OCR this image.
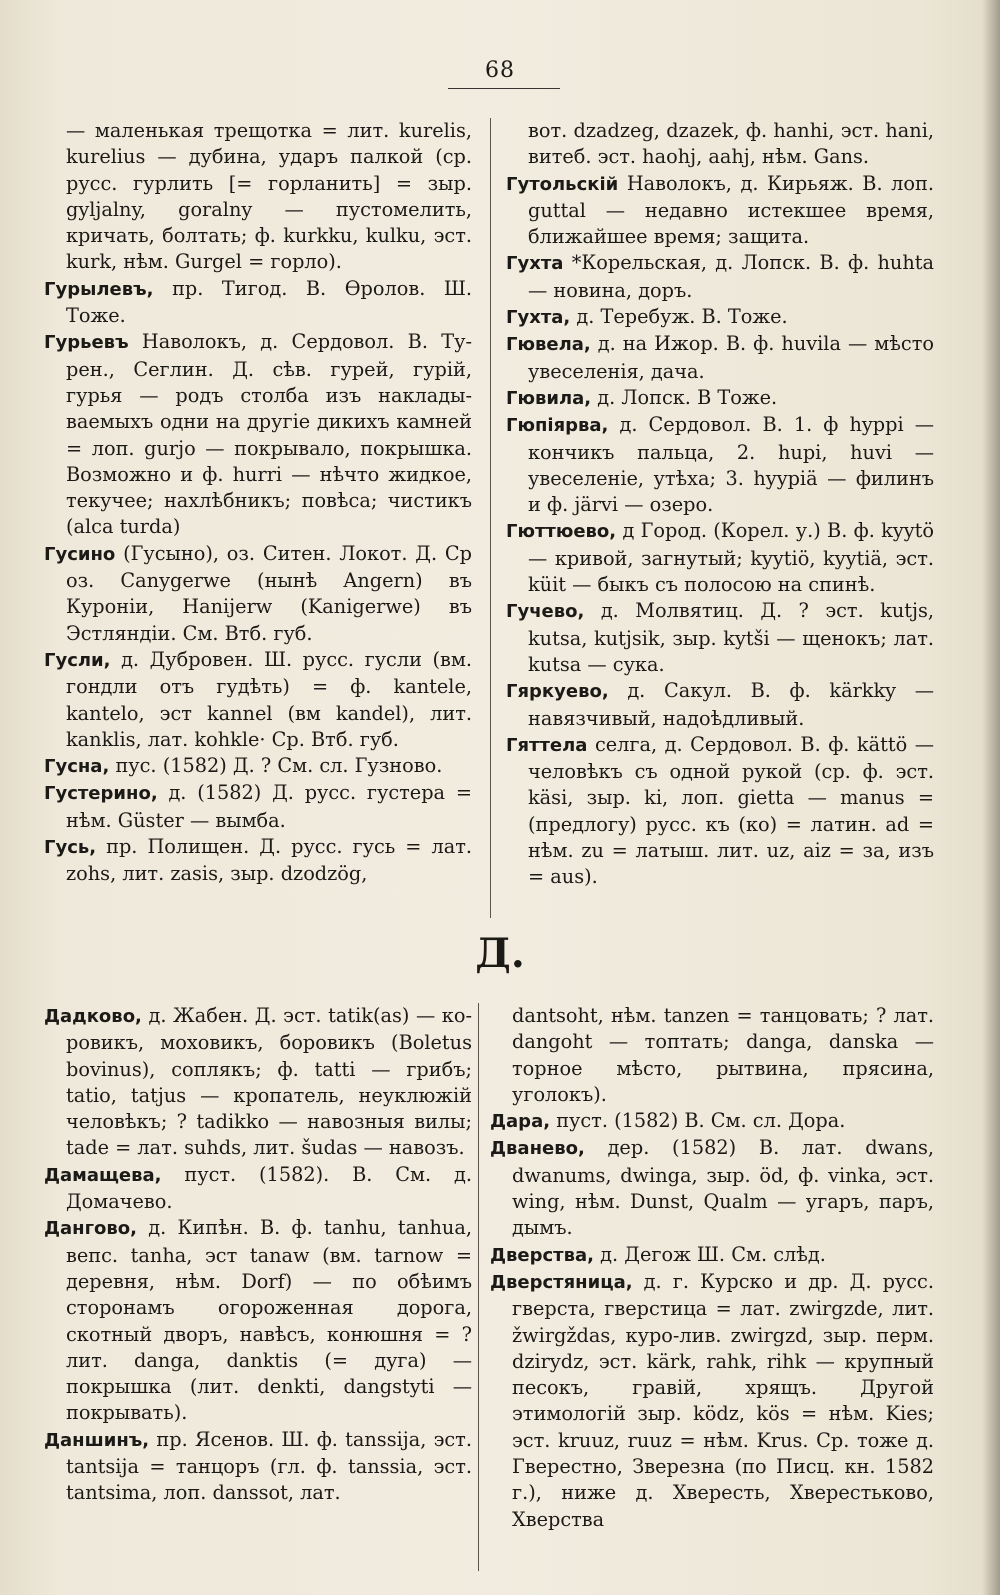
68

— маленькая трещотка = лит. kurelis, kurelius — дубина, ударъ палкой (ср. русс. гурлить [= горланить] = зыр. gyljalny, goralny — пустомелить, кричать, болтать; ф. kurkku, kulku, эст. kurk, нѣм. Gurgel = горло).

Гурылевъ, пр. Тигод. В. Ѳролов. Ш. Тоже.

Гурьевъ Наволокъ, д. Сердовол. В. Турен., Сеглин. Д. сѣв. гурей, гурій, гурья — родъ столба изъ накладываемыхъ одни на другіе дикихъ камней = лоп. gurjo — покрывало, покрышка. Возможно и ф. hurri — нѣчто жидкое, текучее; нахлѣбникъ; повѣса; чистикъ (alca turda)

Гусино (Гусыно), оз. Ситен. Локот. Д. Ср оз. Canygerwe (нынѣ Angern) въ Куроніи, Hanijerw (Kanigerwe) въ Эстляндіи. См. Втб. губ.

Гусли, д. Дубровен. Ш. русс. гусли (вм. гондли отъ гудѣть) = ф. kantele, kantelo, эст kannel (вм kandel), лит. kanklis, лат. kohkle· Ср. Втб. губ.

Гусна, пус. (1582) Д. ? См. сл. Гузново.

Густерино, д. (1582) Д. русс. густера = нѣм. Güster — вымба.

Гусь, пр. Полищен. Д. русс. гусь = лат. zohs, лит. zasis, зыр. dzodzög,

вот. dzadzeg, dzazek, ф. hanhi, эст. hani, витеб. эст. haohj, aahj, нѣм. Gans.

Гутольскій Наволокъ, д. Кирьяж. В. лоп. guttal — недавно истекшее время, ближайшее время; защита.

Гухта *Корельская, д. Лопск. В. ф. huhta — новина, доръ.

Гухта, д. Теребуж. В. Тоже.

Гювела, д. на Ижор. В. ф. huvila — мѣсто увеселенія, дача.

Гювила, д. Лопск. В Тоже.

Гюпіярва, д. Сердовол. В. 1. ф hyppi — кончикъ пальца, 2. hupi, huvi — увеселеніе, утѣха; 3. hyypiä — филинъ и ф. järvi — озеро.

Гюттюево, д Город. (Корел. у.) В. ф. kyytö — кривой, загнутый; kyytiö, kyytiä, эст. küit — быкъ съ полосою на спинѣ.

Гучево, д. Молвятиц. Д. ? эст. kutjs, kutsa, kutjsik, зыр. kytši — щенокъ; лат. kutsa — сука.

Гяркуево, д. Сакул. В. ф. kärkky — навязчивый, надоѣдливый.

Гяттела селга, д. Сердовол. В. ф. kättö — человѣкъ съ одной рукой (ср. ф. эст. käsi, зыр. ki, лоп. gietta — manus = (предлогу) русс. къ (ко) = латин. ad = нѣм. zu = латыш. лит. uz, aiz = за, изъ = aus).

Д.

Дадково, д. Жабен. Д. эст. tatik(as) — коровикъ, моховикъ, боровикъ (Boletus bovinus), соплякъ; ф. tatti — грибъ; tatio, tatjus — кропатель, неуклюжій человѣкъ; ? tadikko — навозныя вилы; tade = лат. suhds, лит. šudas — навозъ.

Дамащева, пуст. (1582). В. См. д. Домачево.

Дангово, д. Кипѣн. В. ф. tanhu, tanhua, вепс. tanha, эст tanaw (вм. tarnow = деревня, нѣм. Dorf) — по обѣимъ сторонамъ огороженная дорога, скотный дворъ, навѣсъ, конюшня = ? лит. danga, danktis (= дуга) — покрышка (лит. denkti, dangstyti — покрывать).

Даншинъ, пр. Ясенов. Ш. ф. tanssija, эст. tantsija = танцоръ (гл. ф. tanssia, эст. tantsima, лоп. danssot, лат.

dantsoht, нѣм. tanzen = танцовать; ? лат. dangoht — топтать; danga, danska — торное мѣсто, рытвина, прясина, уголокъ).

Дара, пуст. (1582) В. См. сл. Дора.

Дванево, дер. (1582) В. лат. dwans, dwanums, dwinga, зыр. öd, ф. vinka, эст. wing, нѣм. Dunst, Qualm — угаръ, паръ, дымъ.

Дверства, д. Дегож Ш. См. слѣд.

Дверстяница, д. г. Курско и др. Д. русс. гверста, гверстица = лат. zwirgzde, лит. žwirgždas, куро-лив. zwirgzd, зыр. перм. dzirydz, эст. kärk, rahk, rihk — крупный песокъ, гравій, хрящъ. Другой этимологій зыр. ködz, kös = нѣм. Kies; эст. kruuz, ruuz = нѣм. Krus. Ср. тоже д. Гверестно, Зверезна (по Писц. кн. 1582 г.), ниже д. Хвересть, Хверестьково, Хверства
